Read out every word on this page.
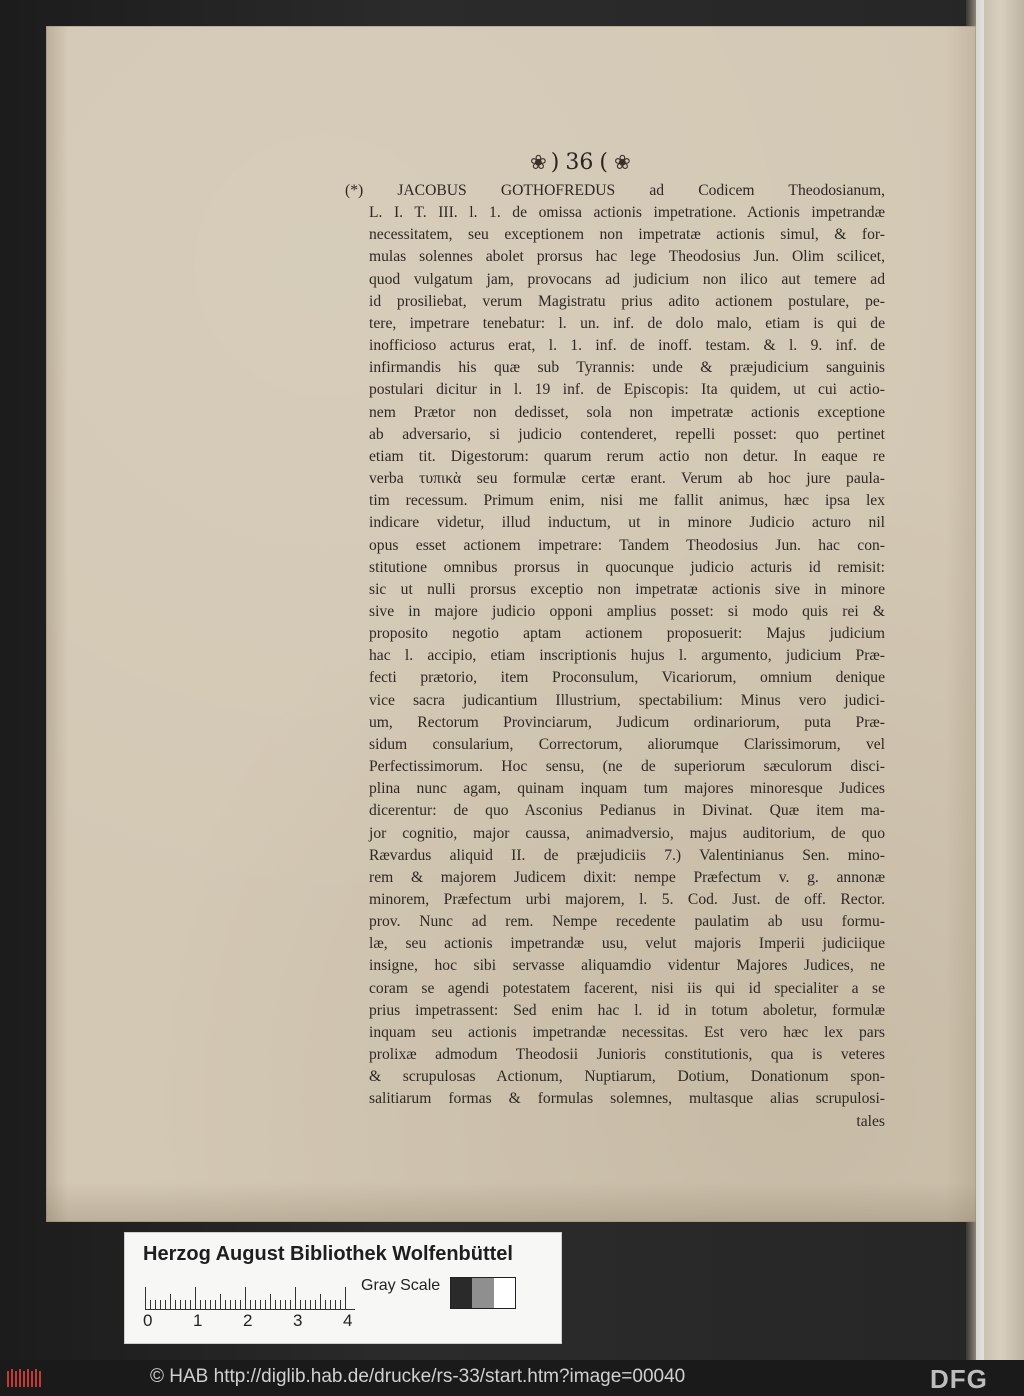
❀ ) 36 ( ❀
(*) JACOBUS GOTHOFREDUS ad Codicem Theodosianum,
L. I. T. III. l. 1. de omissa actionis impetratione. Actionis impetrandæ
necessitatem, seu exceptionem non impetratæ actionis simul, & for-
mulas solennes abolet prorsus hac lege Theodosius Jun. Olim scilicet,
quod vulgatum jam, provocans ad judicium non ilico aut temere ad
id prosiliebat, verum Magistratu prius adito actionem postulare, pe-
tere, impetrare tenebatur: l. un. inf. de dolo malo, etiam is qui de
inofficioso acturus erat, l. 1. inf. de inoff. testam. & l. 9. inf. de
infirmandis his quæ sub Tyrannis: unde & præjudicium sanguinis
postulari dicitur in l. 19 inf. de Episcopis: Ita quidem, ut cui actio-
nem Prætor non dedisset, sola non impetratæ actionis exceptione
ab adversario, si judicio contenderet, repelli posset: quo pertinet
etiam tit. Digestorum: quarum rerum actio non detur. In eaque re
verba τυπικὰ seu formulæ certæ erant. Verum ab hoc jure paula-
tim recessum. Primum enim, nisi me fallit animus, hæc ipsa lex
indicare videtur, illud inductum, ut in minore Judicio acturo nil
opus esset actionem impetrare: Tandem Theodosius Jun. hac con-
stitutione omnibus prorsus in quocunque judicio acturis id remisit:
sic ut nulli prorsus exceptio non impetratæ actionis sive in minore
sive in majore judicio opponi amplius posset: si modo quis rei &
proposito negotio aptam actionem proposuerit: Majus judicium
hac l. accipio, etiam inscriptionis hujus l. argumento, judicium Præ-
fecti prætorio, item Proconsulum, Vicariorum, omnium denique
vice sacra judicantium Illustrium, spectabilium: Minus vero judici-
um, Rectorum Provinciarum, Judicum ordinariorum, puta Præ-
sidum consularium, Correctorum, aliorumque Clarissimorum, vel
Perfectissimorum. Hoc sensu, (ne de superiorum sæculorum disci-
plina nunc agam, quinam inquam tum majores minoresque Judices
dicerentur: de quo Asconius Pedianus in Divinat. Quæ item ma-
jor cognitio, major caussa, animadversio, majus auditorium, de quo
Rævardus aliquid II. de præjudiciis 7.) Valentinianus Sen. mino-
rem & majorem Judicem dixit: nempe Præfectum v. g. annonæ
minorem, Præfectum urbi majorem, l. 5. Cod. Just. de off. Rector.
prov. Nunc ad rem. Nempe recedente paulatim ab usu formu-
læ, seu actionis impetrandæ usu, velut majoris Imperii judiciique
insigne, hoc sibi servasse aliquamdio videntur Majores Judices, ne
coram se agendi potestatem facerent, nisi iis qui id specialiter a se
prius impetrassent: Sed enim hac l. id in totum aboletur, formulæ
inquam seu actionis impetrandæ necessitas. Est vero hæc lex pars
prolixæ admodum Theodosii Junioris constitutionis, qua is veteres
& scrupulosas Actionum, Nuptiarum, Dotium, Donationum spon-
salitiarum formas & formulas solemnes, multasque alias scrupulosi-
tales
Herzog August Bibliothek Wolfenbüttel
0 1 2 3 4
Gray Scale
© HAB http://diglib.hab.de/drucke/rs-33/start.htm?image=00040	DFG
